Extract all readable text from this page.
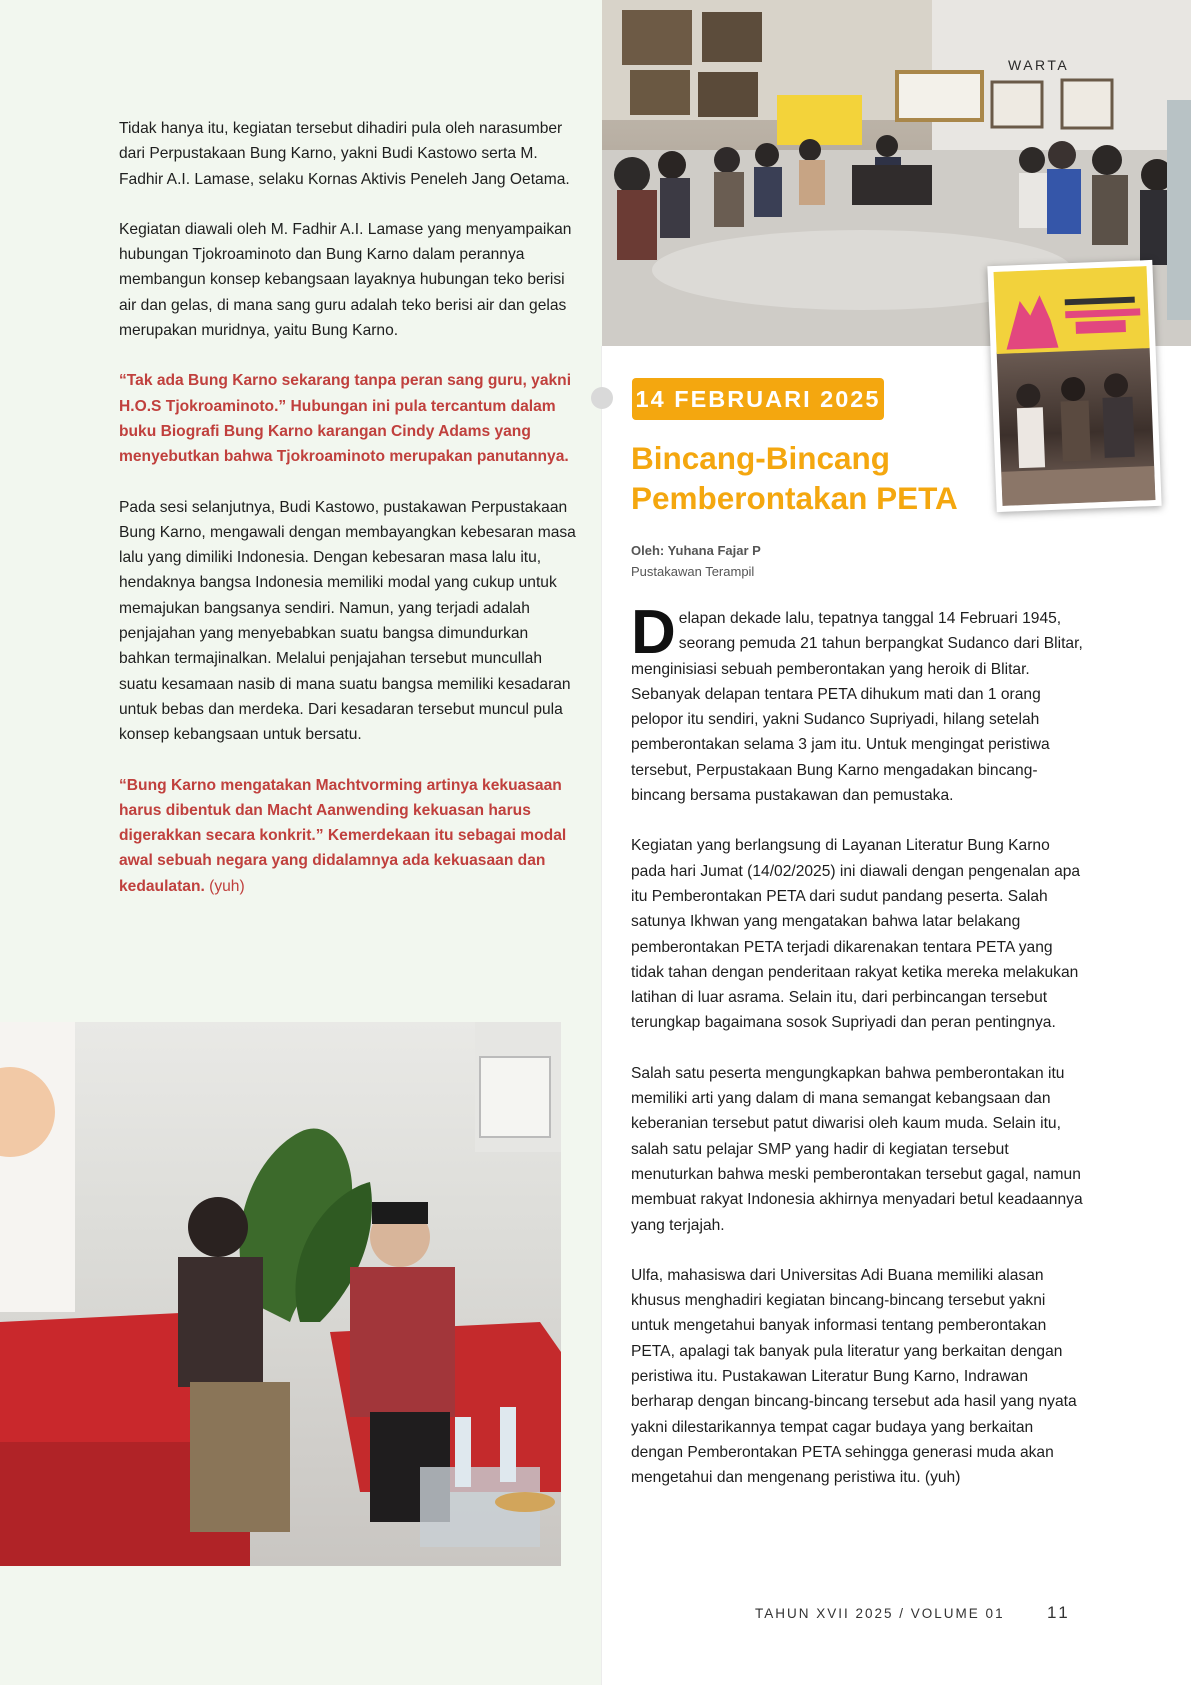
Tidak hanya itu, kegiatan tersebut dihadiri pula oleh narasumber dari Perpustakaan Bung Karno, yakni Budi Kastowo serta M. Fadhir A.I. Lamase, selaku Kornas Aktivis Peneleh Jang Oetama.

Kegiatan diawali oleh M. Fadhir A.I. Lamase yang menyampaikan hubungan Tjokroaminoto dan Bung Karno dalam perannya membangun konsep kebangsaan layaknya hubungan teko berisi air dan gelas, di mana sang guru adalah teko berisi air dan gelas merupakan muridnya, yaitu Bung Karno.

“Tak ada Bung Karno sekarang tanpa peran sang guru, yakni H.O.S Tjokroaminoto.” Hubungan ini pula tercantum dalam buku Biografi Bung Karno karangan Cindy Adams yang menyebutkan bahwa Tjokroaminoto merupakan panutannya.

Pada sesi selanjutnya, Budi Kastowo, pustakawan Perpustakaan Bung Karno, mengawali dengan membayangkan kebesaran masa lalu yang dimiliki Indonesia. Dengan kebesaran masa lalu itu, hendaknya bangsa Indonesia memiliki modal yang cukup untuk memajukan bangsanya sendiri. Namun, yang terjadi adalah penjajahan yang menyebabkan suatu bangsa dimundurkan bahkan termajinalkan. Melalui penjajahan tersebut muncullah suatu kesamaan nasib di mana suatu bangsa memiliki kesadaran untuk bebas dan merdeka. Dari kesadaran tersebut muncul pula konsep kebangsaan untuk bersatu.

“Bung Karno mengatakan Machtvorming artinya kekuasaan harus dibentuk dan Macht Aanwending kekuasan harus digerakkan secara konkrit.” Kemerdekaan itu sebagai modal awal sebuah negara yang didalamnya ada kekuasaan dan kedaulatan. (yuh)

WARTA
14 FEBRUARI 2025
Bincang-Bincang
Pemberontakan PETA
Oleh: Yuhana Fajar P
Pustakawan Terampil

Delapan dekade lalu, tepatnya tanggal 14 Februari 1945, seorang pemuda 21 tahun berpangkat Sudanco dari Blitar, menginisiasi sebuah pemberontakan yang heroik di Blitar. Sebanyak delapan tentara PETA dihukum mati dan 1 orang pelopor itu sendiri, yakni Sudanco Supriyadi, hilang setelah pemberontakan selama 3 jam itu. Untuk mengingat peristiwa tersebut, Perpustakaan Bung Karno mengadakan bincang-bincang bersama pustakawan dan pemustaka.

Kegiatan yang berlangsung di Layanan Literatur Bung Karno pada hari Jumat (14/02/2025) ini diawali dengan pengenalan apa itu Pemberontakan PETA dari sudut pandang peserta. Salah satunya Ikhwan yang mengatakan bahwa latar belakang pemberontakan PETA terjadi dikarenakan tentara PETA yang tidak tahan dengan penderitaan rakyat ketika mereka melakukan latihan di luar asrama. Selain itu, dari perbincangan tersebut terungkap bagaimana sosok Supriyadi dan peran pentingnya.

Salah satu peserta mengungkapkan bahwa pemberontakan itu memiliki arti yang dalam di mana semangat kebangsaan dan keberanian tersebut patut diwarisi oleh kaum muda. Selain itu, salah satu pelajar SMP yang hadir di kegiatan tersebut menuturkan bahwa meski pemberontakan tersebut gagal, namun membuat rakyat Indonesia akhirnya menyadari betul keadaannya yang terjajah.

Ulfa, mahasiswa dari Universitas Adi Buana memiliki alasan khusus menghadiri kegiatan bincang-bincang tersebut yakni untuk mengetahui banyak informasi tentang pemberontakan PETA, apalagi tak banyak pula literatur yang berkaitan dengan peristiwa itu. Pustakawan Literatur Bung Karno, Indrawan berharap dengan bincang-bincang tersebut ada hasil yang nyata yakni dilestarikannya tempat cagar budaya yang berkaitan dengan Pemberontakan PETA sehingga generasi muda akan mengetahui dan mengenang peristiwa itu. (yuh)

TAHUN XVII 2025 / VOLUME 01 11
